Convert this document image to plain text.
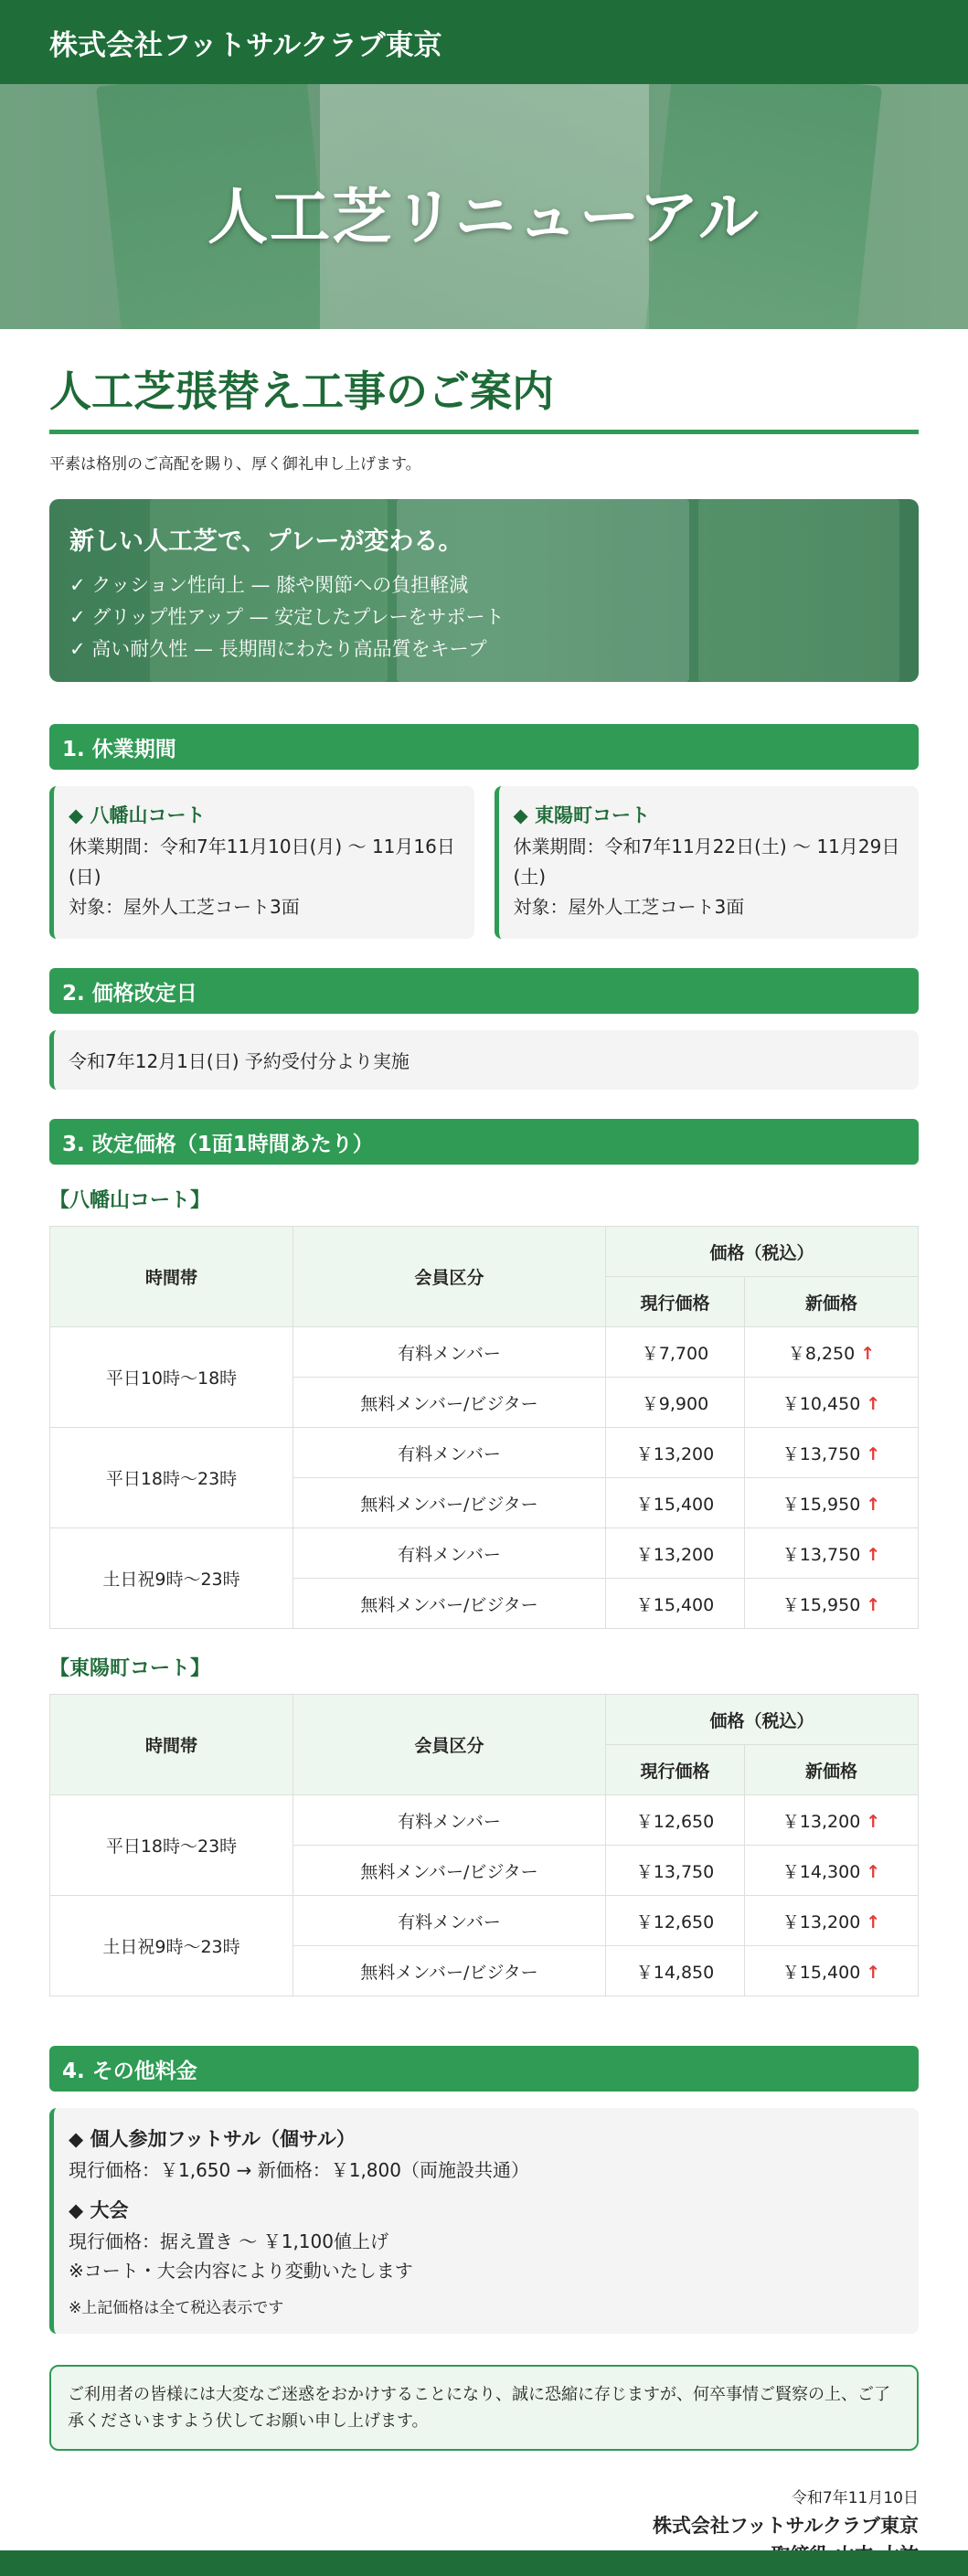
株式会社フットサルクラブ東京
人工芝リニューアル
人工芝張替え工事のご案内

平素は格別のご高配を賜り、厚く御礼申し上げます。

新しい人工芝で、プレーが変わる。
✓ クッション性向上 — 膝や関節への負担軽減
✓ グリップ性アップ — 安定したプレーをサポート
✓ 高い耐久性 — 長期間にわたり高品質をキープ
1. 休業期間
◆ 八幡山コート
休業期間：令和7年11月10日(月) 〜 11月16日(日)
対象：屋外人工芝コート3面
◆ 東陽町コート
休業期間：令和7年11月22日(土) 〜 11月29日(土)
対象：屋外人工芝コート3面
2. 価格改定日
令和7年12月1日(日) 予約受付分より実施
3. 改定価格（1面1時間あたり）
【八幡山コート】
時間帯	会員区分	価格（税込）	
		現行価格	新価格
平日10時〜18時	有料メンバー	￥7,700	￥8,250 ↑
	無料メンバー/ビジター	￥9,900	￥10,450 ↑
平日18時〜23時	有料メンバー	￥13,200	￥13,750 ↑
	無料メンバー/ビジター	￥15,400	￥15,950 ↑
土日祝9時〜23時	有料メンバー	￥13,200	￥13,750 ↑
	無料メンバー/ビジター	￥15,400	￥15,950 ↑
【東陽町コート】
時間帯	会員区分	価格（税込）	
		現行価格	新価格
平日18時〜23時	有料メンバー	￥12,650	￥13,200 ↑
	無料メンバー/ビジター	￥13,750	￥14,300 ↑
土日祝9時〜23時	有料メンバー	￥12,650	￥13,200 ↑
	無料メンバー/ビジター	￥14,850	￥15,400 ↑
4. その他料金
◆ 個人参加フットサル（個サル）
現行価格：￥1,650 → 新価格：￥1,800（両施設共通）
◆ 大会
現行価格：据え置き 〜 ￥1,100値上げ
※コート・大会内容により変動いたします
※上記価格は全て税込表示です
ご利用者の皆様には大変なご迷惑をおかけすることになり、誠に恐縮に存じますが、何卒事情ご賢察の上、ご了承くださいますよう伏してお願い申し上げます。
令和7年11月10日
株式会社フットサルクラブ東京
